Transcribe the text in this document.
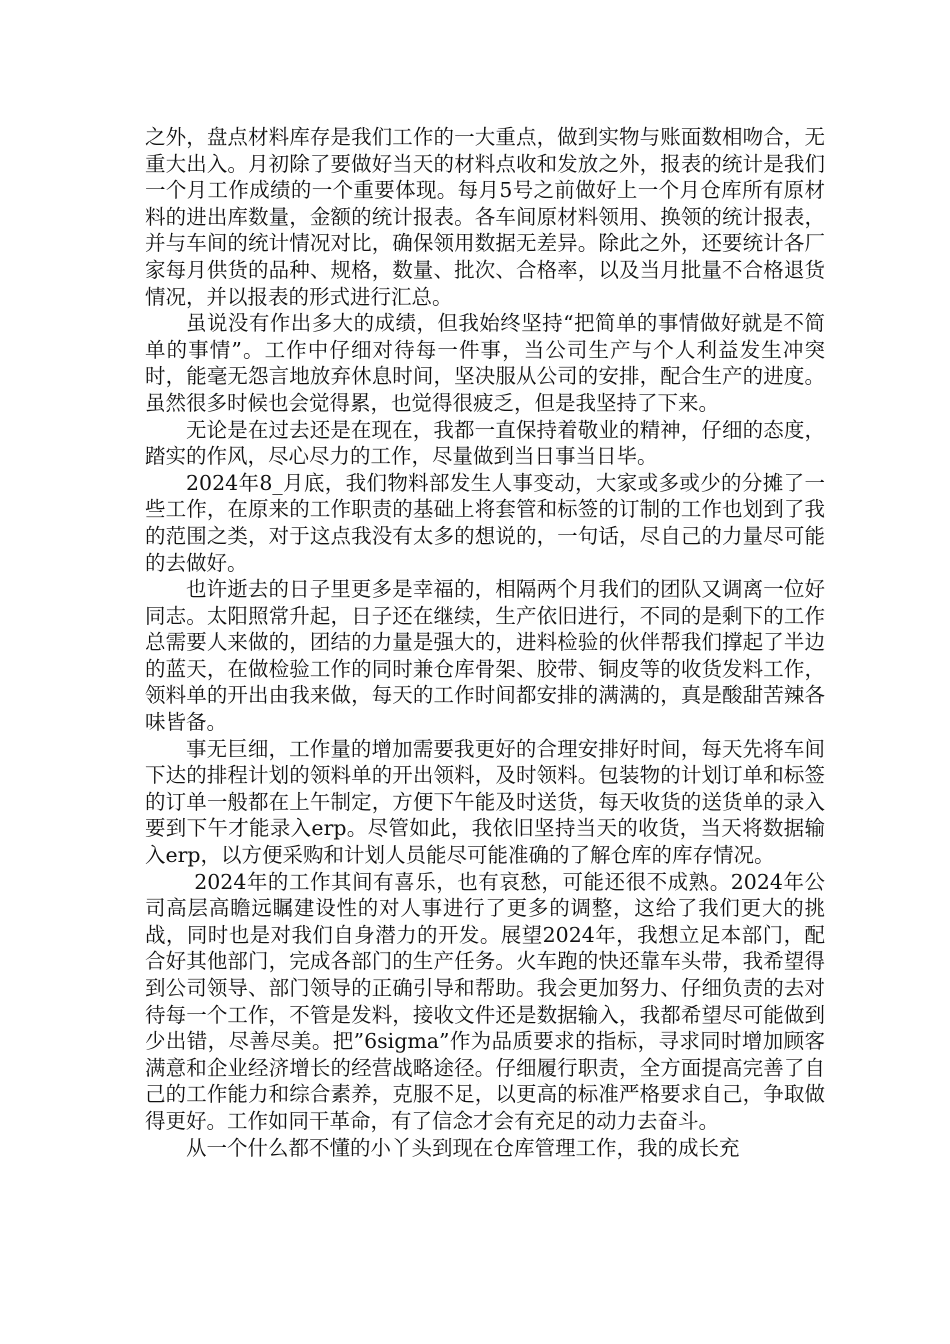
之外，盘点材料库存是我们工作的一大重点，做到实物与账面数相吻合，无重大出入。月初除了要做好当天的材料点收和发放之外，报表的统计是我们一个月工作成绩的一个重要体现。每月5号之前做好上一个月仓库所有原材料的进出库数量，金额的统计报表。各车间原材料领用、换领的统计报表，并与车间的统计情况对比，确保领用数据无差异。除此之外，还要统计各厂家每月供货的品种、规格，数量、批次、合格率，以及当月批量不合格退货情况，并以报表的形式进行汇总。

虽说没有作出多大的成绩，但我始终坚持“把简单的事情做好就是不简单的事情”。工作中仔细对待每一件事，当公司生产与个人利益发生冲突时，能毫无怨言地放弃休息时间，坚决服从公司的安排，配合生产的进度。虽然很多时候也会觉得累，也觉得很疲乏，但是我坚持了下来。

无论是在过去还是在现在，我都一直保持着敬业的精神，仔细的态度，踏实的作风，尽心尽力的工作，尽量做到当日事当日毕。

2024年8_月底，我们物料部发生人事变动，大家或多或少的分摊了一些工作，在原来的工作职责的基础上将套管和标签的订制的工作也划到了我的范围之类，对于这点我没有太多的想说的，一句话，尽自己的力量尽可能的去做好。

也许逝去的日子里更多是幸福的，相隔两个月我们的团队又调离一位好同志。太阳照常升起，日子还在继续，生产依旧进行，不同的是剩下的工作总需要人来做的，团结的力量是强大的，进料检验的伙伴帮我们撑起了半边的蓝天，在做检验工作的同时兼仓库骨架、胶带、铜皮等的收货发料工作，领料单的开出由我来做，每天的工作时间都安排的满满的，真是酸甜苦辣各味皆备。

事无巨细，工作量的增加需要我更好的合理安排好时间，每天先将车间下达的排程计划的领料单的开出领料，及时领料。包装物的计划订单和标签的订单一般都在上午制定，方便下午能及时送货，每天收货的送货单的录入要到下午才能录入erp。尽管如此，我依旧坚持当天的收货，当天将数据输入erp，以方便采购和计划人员能尽可能准确的了解仓库的库存情况。

2024年的工作其间有喜乐，也有哀愁，可能还很不成熟。2024年公司高层高瞻远瞩建设性的对人事进行了更多的调整，这给了我们更大的挑战，同时也是对我们自身潜力的开发。展望2024年，我想立足本部门，配合好其他部门，完成各部门的生产任务。火车跑的快还靠车头带，我希望得到公司领导、部门领导的正确引导和帮助。我会更加努力、仔细负责的去对待每一个工作，不管是发料，接收文件还是数据输入，我都希望尽可能做到少出错，尽善尽美。把”6sigma”作为品质要求的指标，寻求同时增加顾客满意和企业经济增长的经营战略途径。仔细履行职责，全方面提高完善了自己的工作能力和综合素养，克服不足，以更高的标准严格要求自己，争取做得更好。工作如同干革命，有了信念才会有充足的动力去奋斗。

从一个什么都不懂的小丫头到现在仓库管理工作，我的成长充
